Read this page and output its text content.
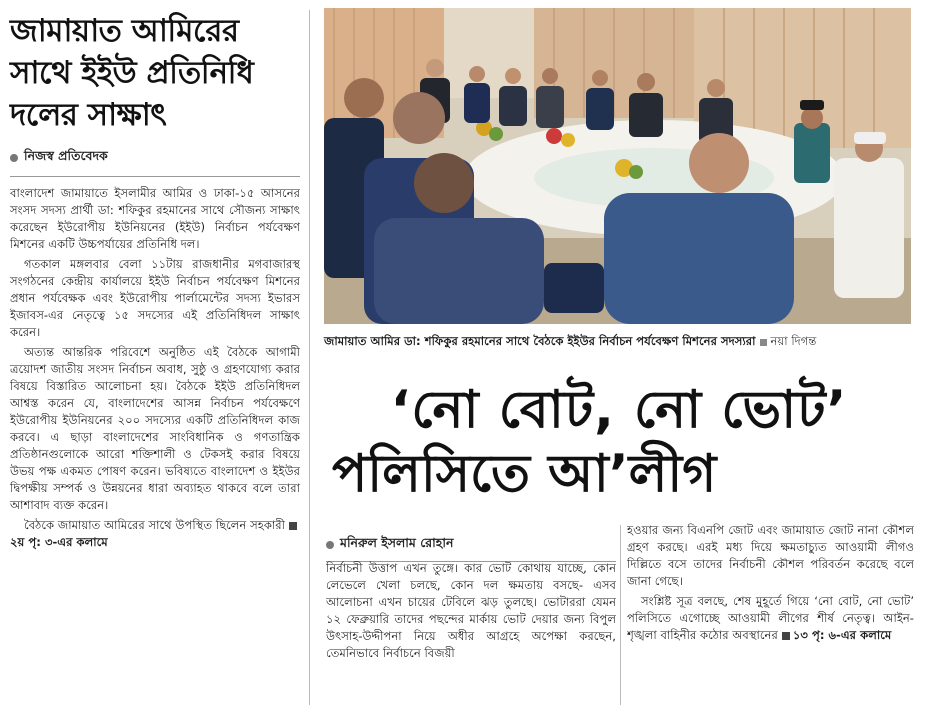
জামায়াত আমিরের
সাথে ইইউ প্রতিনিধি
দলের সাক্ষাৎ
নিজস্ব প্রতিবেদক

বাংলাদেশ জামায়াতে ইসলামীর আমির ও ঢাকা-১৫ আসনের সংসদ সদস্য প্রার্থী ডা: শফিকুর রহমানের সাথে সৌজন্য সাক্ষাৎ করেছেন ইউরোপীয় ইউনিয়নের (ইইউ) নির্বাচন পর্যবেক্ষণ মিশনের একটি উচ্চপর্যায়ের প্রতিনিধি দল।

গতকাল মঙ্গলবার বেলা ১১টায় রাজধানীর মগবাজারস্থ সংগঠনের কেন্দ্রীয় কার্যালয়ে ইইউ নির্বাচন পর্যবেক্ষণ মিশনের প্রধান পর্যবেক্ষক এবং ইউরোপীয় পার্লামেন্টের সদস্য ইভারস ইজাবস-এর নেতৃত্বে ১৫ সদস্যের এই প্রতিনিধিদল সাক্ষাৎ করেন।

অত্যন্ত আন্তরিক পরিবেশে অনুষ্ঠিত এই বৈঠকে আগামী ত্রয়োদশ জাতীয় সংসদ নির্বাচন অবাধ, সুষ্ঠু ও গ্রহণযোগ্য করার বিষয়ে বিস্তারিত আলোচনা হয়। বৈঠকে ইইউ প্রতিনিধিদল আশ্বস্ত করেন যে, বাংলাদেশের আসন্ন নির্বাচন পর্যবেক্ষণে ইউরোপীয় ইউনিয়নের ২০০ সদস্যের একটি প্রতিনিধিদল কাজ করবে। এ ছাড়া বাংলাদেশের সাংবিধানিক ও গণতান্ত্রিক প্রতিষ্ঠানগুলোকে আরো শক্তিশালী ও টেকসই করার বিষয়ে উভয় পক্ষ একমত পোষণ করেন। ভবিষ্যতে বাংলাদেশ ও ইইউর দ্বিপক্ষীয় সম্পর্ক ও উন্নয়নের ধারা অব্যাহত থাকবে বলে তারা আশাবাদ ব্যক্ত করেন।

বৈঠকে জামায়াত আমিরের সাথে উপস্থিত ছিলেন সহকারী২য় পৃ: ৩-এর কলামে

জামায়াত আমির ডা: শফিকুর রহমানের সাথে বৈঠকে ইইউর নির্বাচন পর্যবেক্ষণ মিশনের সদস্যরা নয়া দিগন্ত
‘নো বোট, নো ভোট’
পলিসিতে আ’লীগ
মনিরুল ইসলাম রোহান

নির্বাচনী উত্তাপ এখন তুঙ্গে। কার ভোট কোথায় যাচ্ছে, কোন লেভেলে খেলা চলছে, কোন দল ক্ষমতায় বসছে- এসব আলোচনা এখন চায়ের টেবিলে ঝড় তুলছে। ভোটাররা যেমন ১২ ফেব্রুয়ারি তাদের পছন্দের মার্কায় ভোট দেয়ার জন্য বিপুল উৎসাহ-উদ্দীপনা নিয়ে অধীর আগ্রহে অপেক্ষা করছেন, তেমনিভাবে নির্বাচনে বিজয়ী

হওয়ার জন্য বিএনপি জোট এবং জামায়াত জোট নানা কৌশল গ্রহণ করছে। এরই মধ্য দিয়ে ক্ষমতাচ্যুত আওয়ামী লীগও দিল্লিতে বসে তাদের নির্বাচনী কৌশল পরিবর্তন করেছে বলে জানা গেছে।

সংশ্লিষ্ট সূত্র বলছে, শেষ মুহূর্তে গিয়ে ‘নো বোট, নো ভোট’ পলিসিতে এগোচ্ছে আওয়ামী লীগের শীর্ষ নেতৃত্ব। আইন-শৃঙ্খলা বাহিনীর কঠোর অবস্থানের ১৩ পৃ: ৬-এর কলামে
